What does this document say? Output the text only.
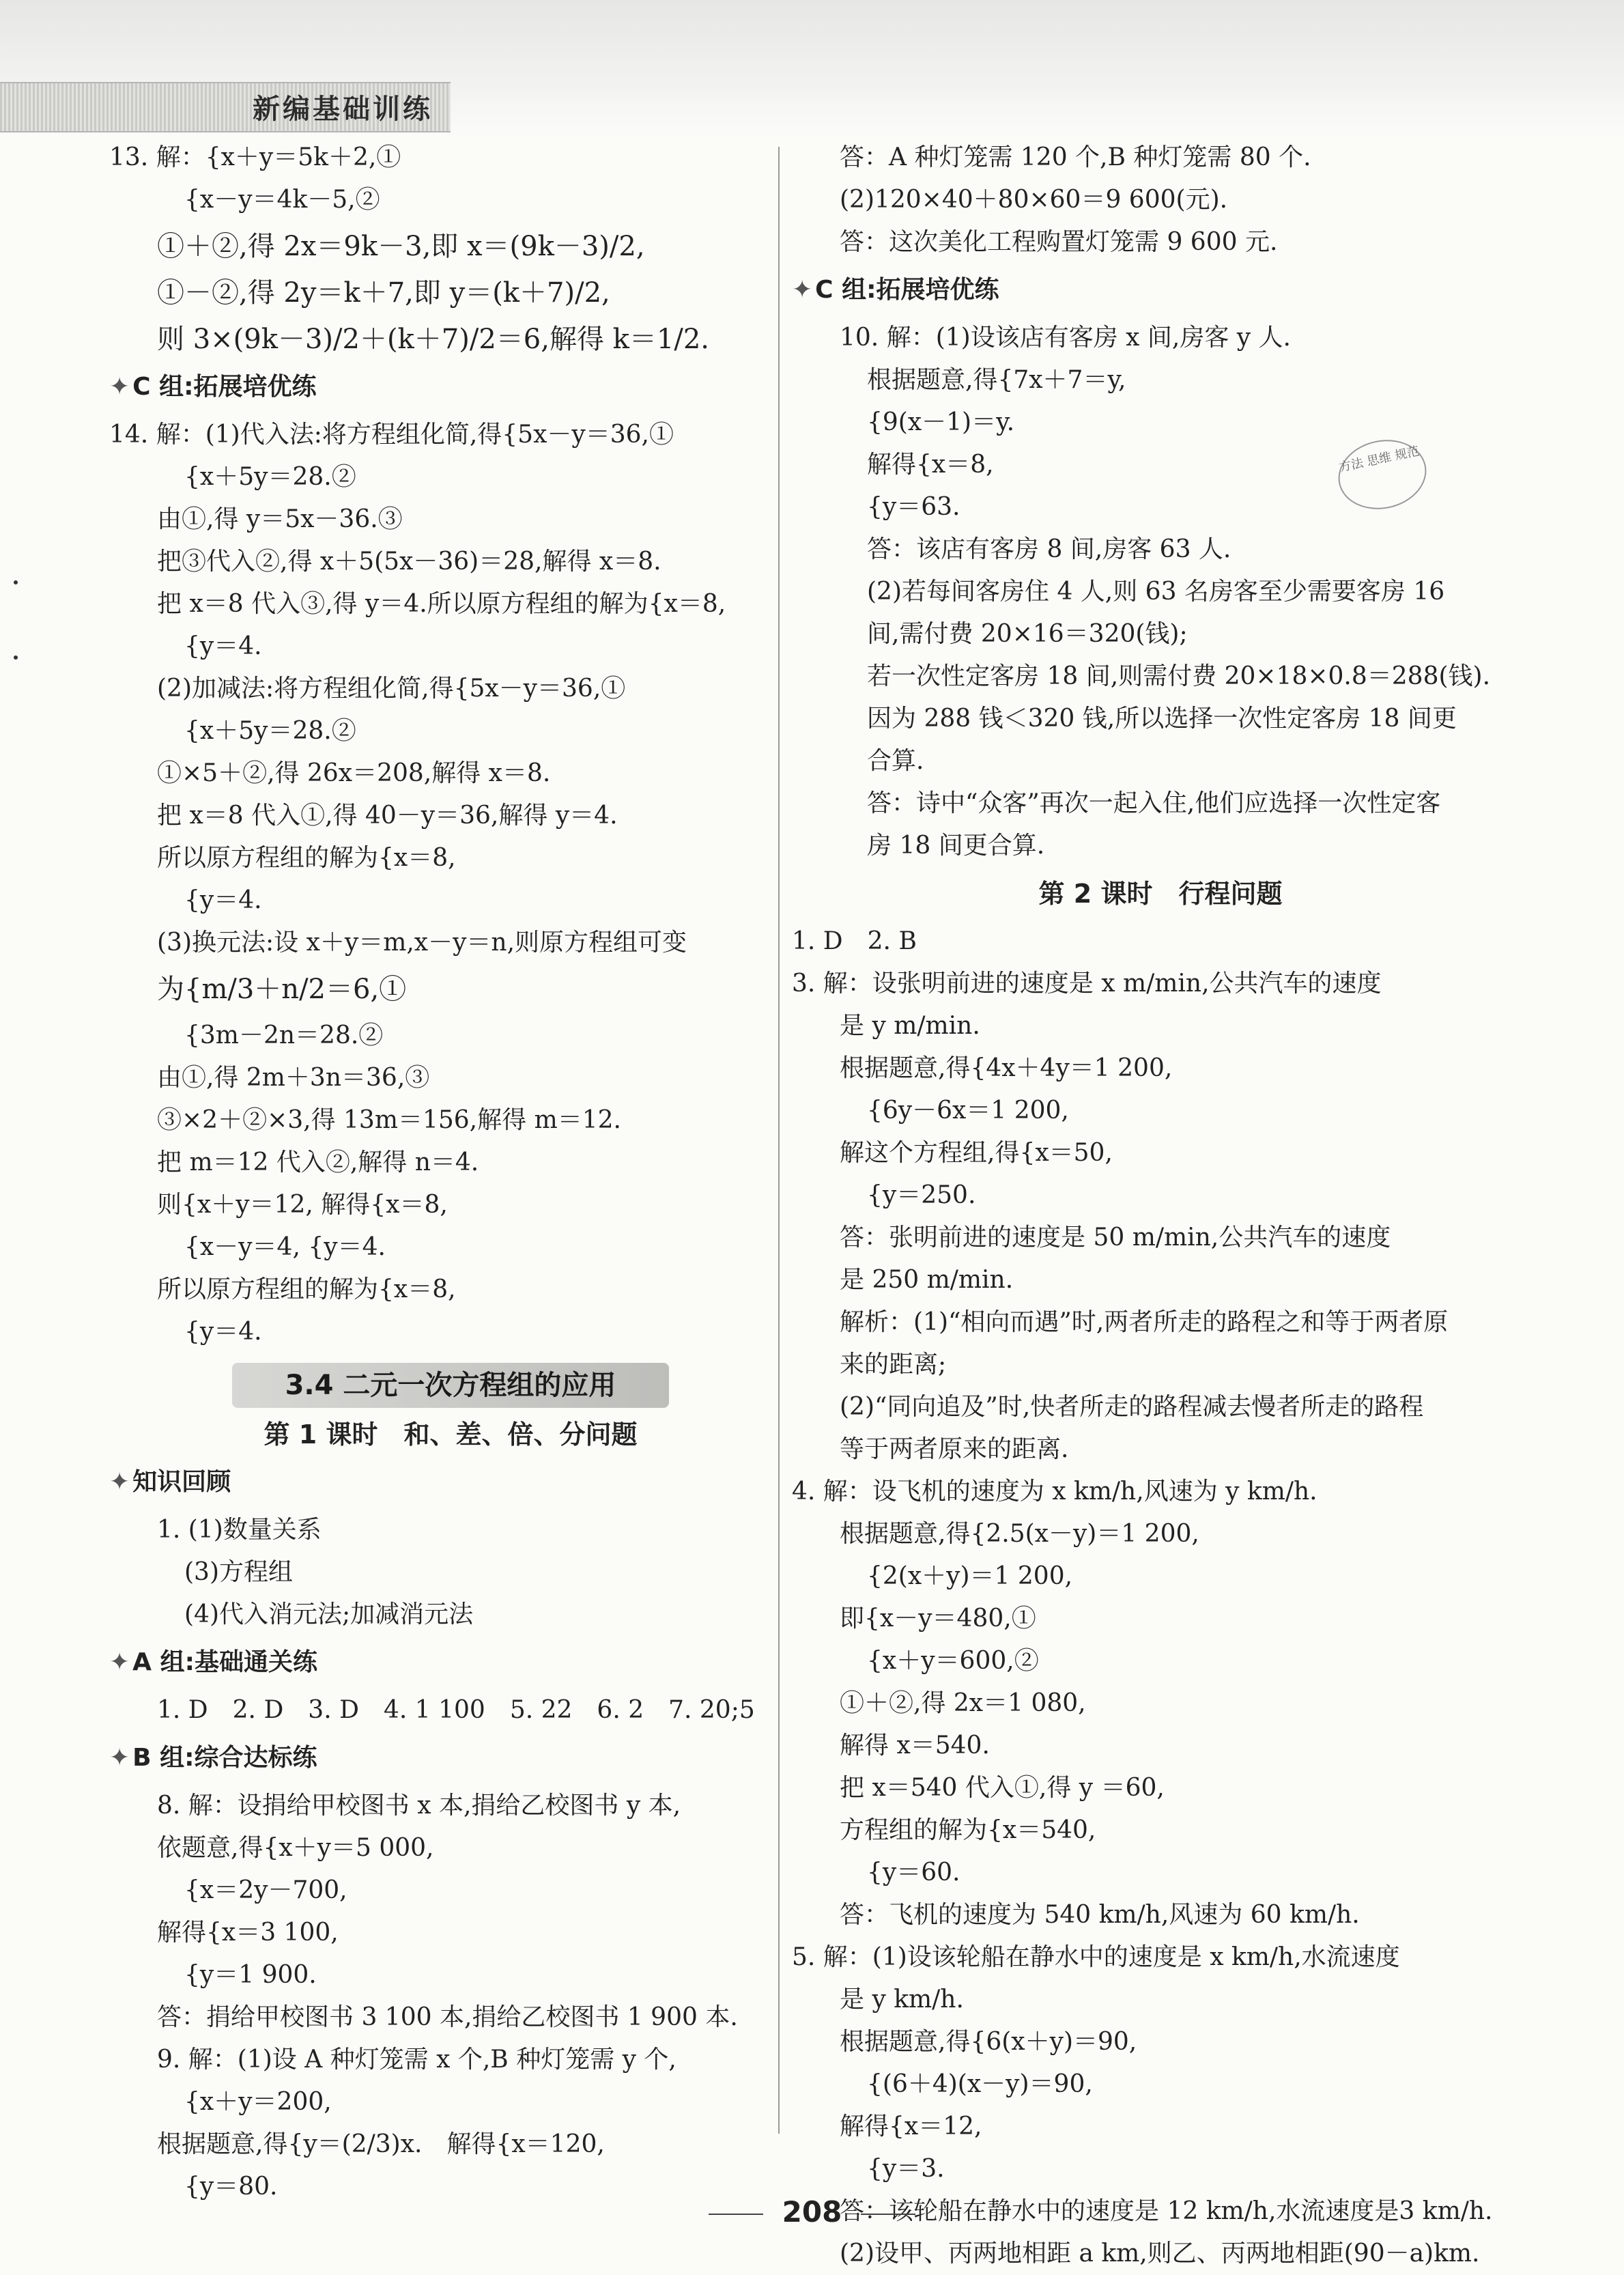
新编基础训练
13. 解：{x＋y＝5k＋2,①
{x－y＝4k－5,②
①＋②,得 2x＝9k－3,即 x＝(9k－3)/2,
①－②,得 2y＝k＋7,即 y＝(k＋7)/2,
则 3×(9k－3)/2＋(k＋7)/2＝6,解得 k＝1/2.
✦ C 组:拓展培优练
14. 解：(1)代入法:将方程组化简,得{5x－y＝36,①
{x＋5y＝28.②
由①,得 y＝5x－36.③
把③代入②,得 x＋5(5x－36)＝28,解得 x＝8.
把 x＝8 代入③,得 y＝4.所以原方程组的解为{x＝8,
{y＝4.
(2)加减法:将方程组化简,得{5x－y＝36,①
{x＋5y＝28.②
①×5＋②,得 26x＝208,解得 x＝8.
把 x＝8 代入①,得 40－y＝36,解得 y＝4.
所以原方程组的解为{x＝8,
{y＝4.
(3)换元法:设 x＋y＝m,x－y＝n,则原方程组可变
为{m/3＋n/2＝6,①
{3m－2n＝28.②
由①,得 2m＋3n＝36,③
③×2＋②×3,得 13m＝156,解得 m＝12.
把 m＝12 代入②,解得 n＝4.
则{x＋y＝12, 解得{x＝8,
{x－y＝4, {y＝4.
所以原方程组的解为{x＝8,
{y＝4.
3.4 二元一次方程组的应用
第 1 课时　和、差、倍、分问题
✦ 知识回顾
1. (1)数量关系
(3)方程组
(4)代入消元法;加减消元法
✦ A 组:基础通关练
1. D　2. D　3. D　4. 1 100　5. 22　6. 2　7. 20;5
✦ B 组:综合达标练
8. 解：设捐给甲校图书 x 本,捐给乙校图书 y 本,
依题意,得{x＋y＝5 000,
{x＝2y－700,
解得{x＝3 100,
{y＝1 900.
答：捐给甲校图书 3 100 本,捐给乙校图书 1 900 本.
9. 解：(1)设 A 种灯笼需 x 个,B 种灯笼需 y 个,
{x＋y＝200,
根据题意,得{y＝(2/3)x.　解得{x＝120,
{y＝80.
答：A 种灯笼需 120 个,B 种灯笼需 80 个.
(2)120×40＋80×60＝9 600(元).
答：这次美化工程购置灯笼需 9 600 元.
✦ C 组:拓展培优练
10. 解：(1)设该店有客房 x 间,房客 y 人.
根据题意,得{7x＋7＝y,
{9(x－1)＝y.
解得{x＝8,
{y＝63.
答：该店有客房 8 间,房客 63 人.
(2)若每间客房住 4 人,则 63 名房客至少需要客房 16
间,需付费 20×16＝320(钱);
若一次性定客房 18 间,则需付费 20×18×0.8＝288(钱).
因为 288 钱＜320 钱,所以选择一次性定客房 18 间更
合算.
答：诗中“众客”再次一起入住,他们应选择一次性定客
房 18 间更合算.
第 2 课时　行程问题
1. D　2. B
3. 解：设张明前进的速度是 x m/min,公共汽车的速度
是 y m/min.
根据题意,得{4x＋4y＝1 200,
{6y－6x＝1 200,
解这个方程组,得{x＝50,
{y＝250.
答：张明前进的速度是 50 m/min,公共汽车的速度
是 250 m/min.
解析：(1)“相向而遇”时,两者所走的路程之和等于两者原
来的距离;
(2)“同向追及”时,快者所走的路程减去慢者所走的路程
等于两者原来的距离.
4. 解：设飞机的速度为 x km/h,风速为 y km/h.
根据题意,得{2.5(x－y)＝1 200,
{2(x＋y)＝1 200,
即{x－y＝480,①
{x＋y＝600,②
①＋②,得 2x＝1 080,
解得 x＝540.
把 x＝540 代入①,得 y ＝60,
方程组的解为{x＝540,
{y＝60.
答：飞机的速度为 540 km/h,风速为 60 km/h.
5. 解：(1)设该轮船在静水中的速度是 x km/h,水流速度
是 y km/h.
根据题意,得{6(x＋y)＝90,
{(6＋4)(x－y)＝90,
解得{x＝12,
{y＝3.
答：该轮船在静水中的速度是 12 km/h,水流速度是3 km/h.
(2)设甲、丙两地相距 a km,则乙、丙两地相距(90－a)km.
方法 思维 规范
208
